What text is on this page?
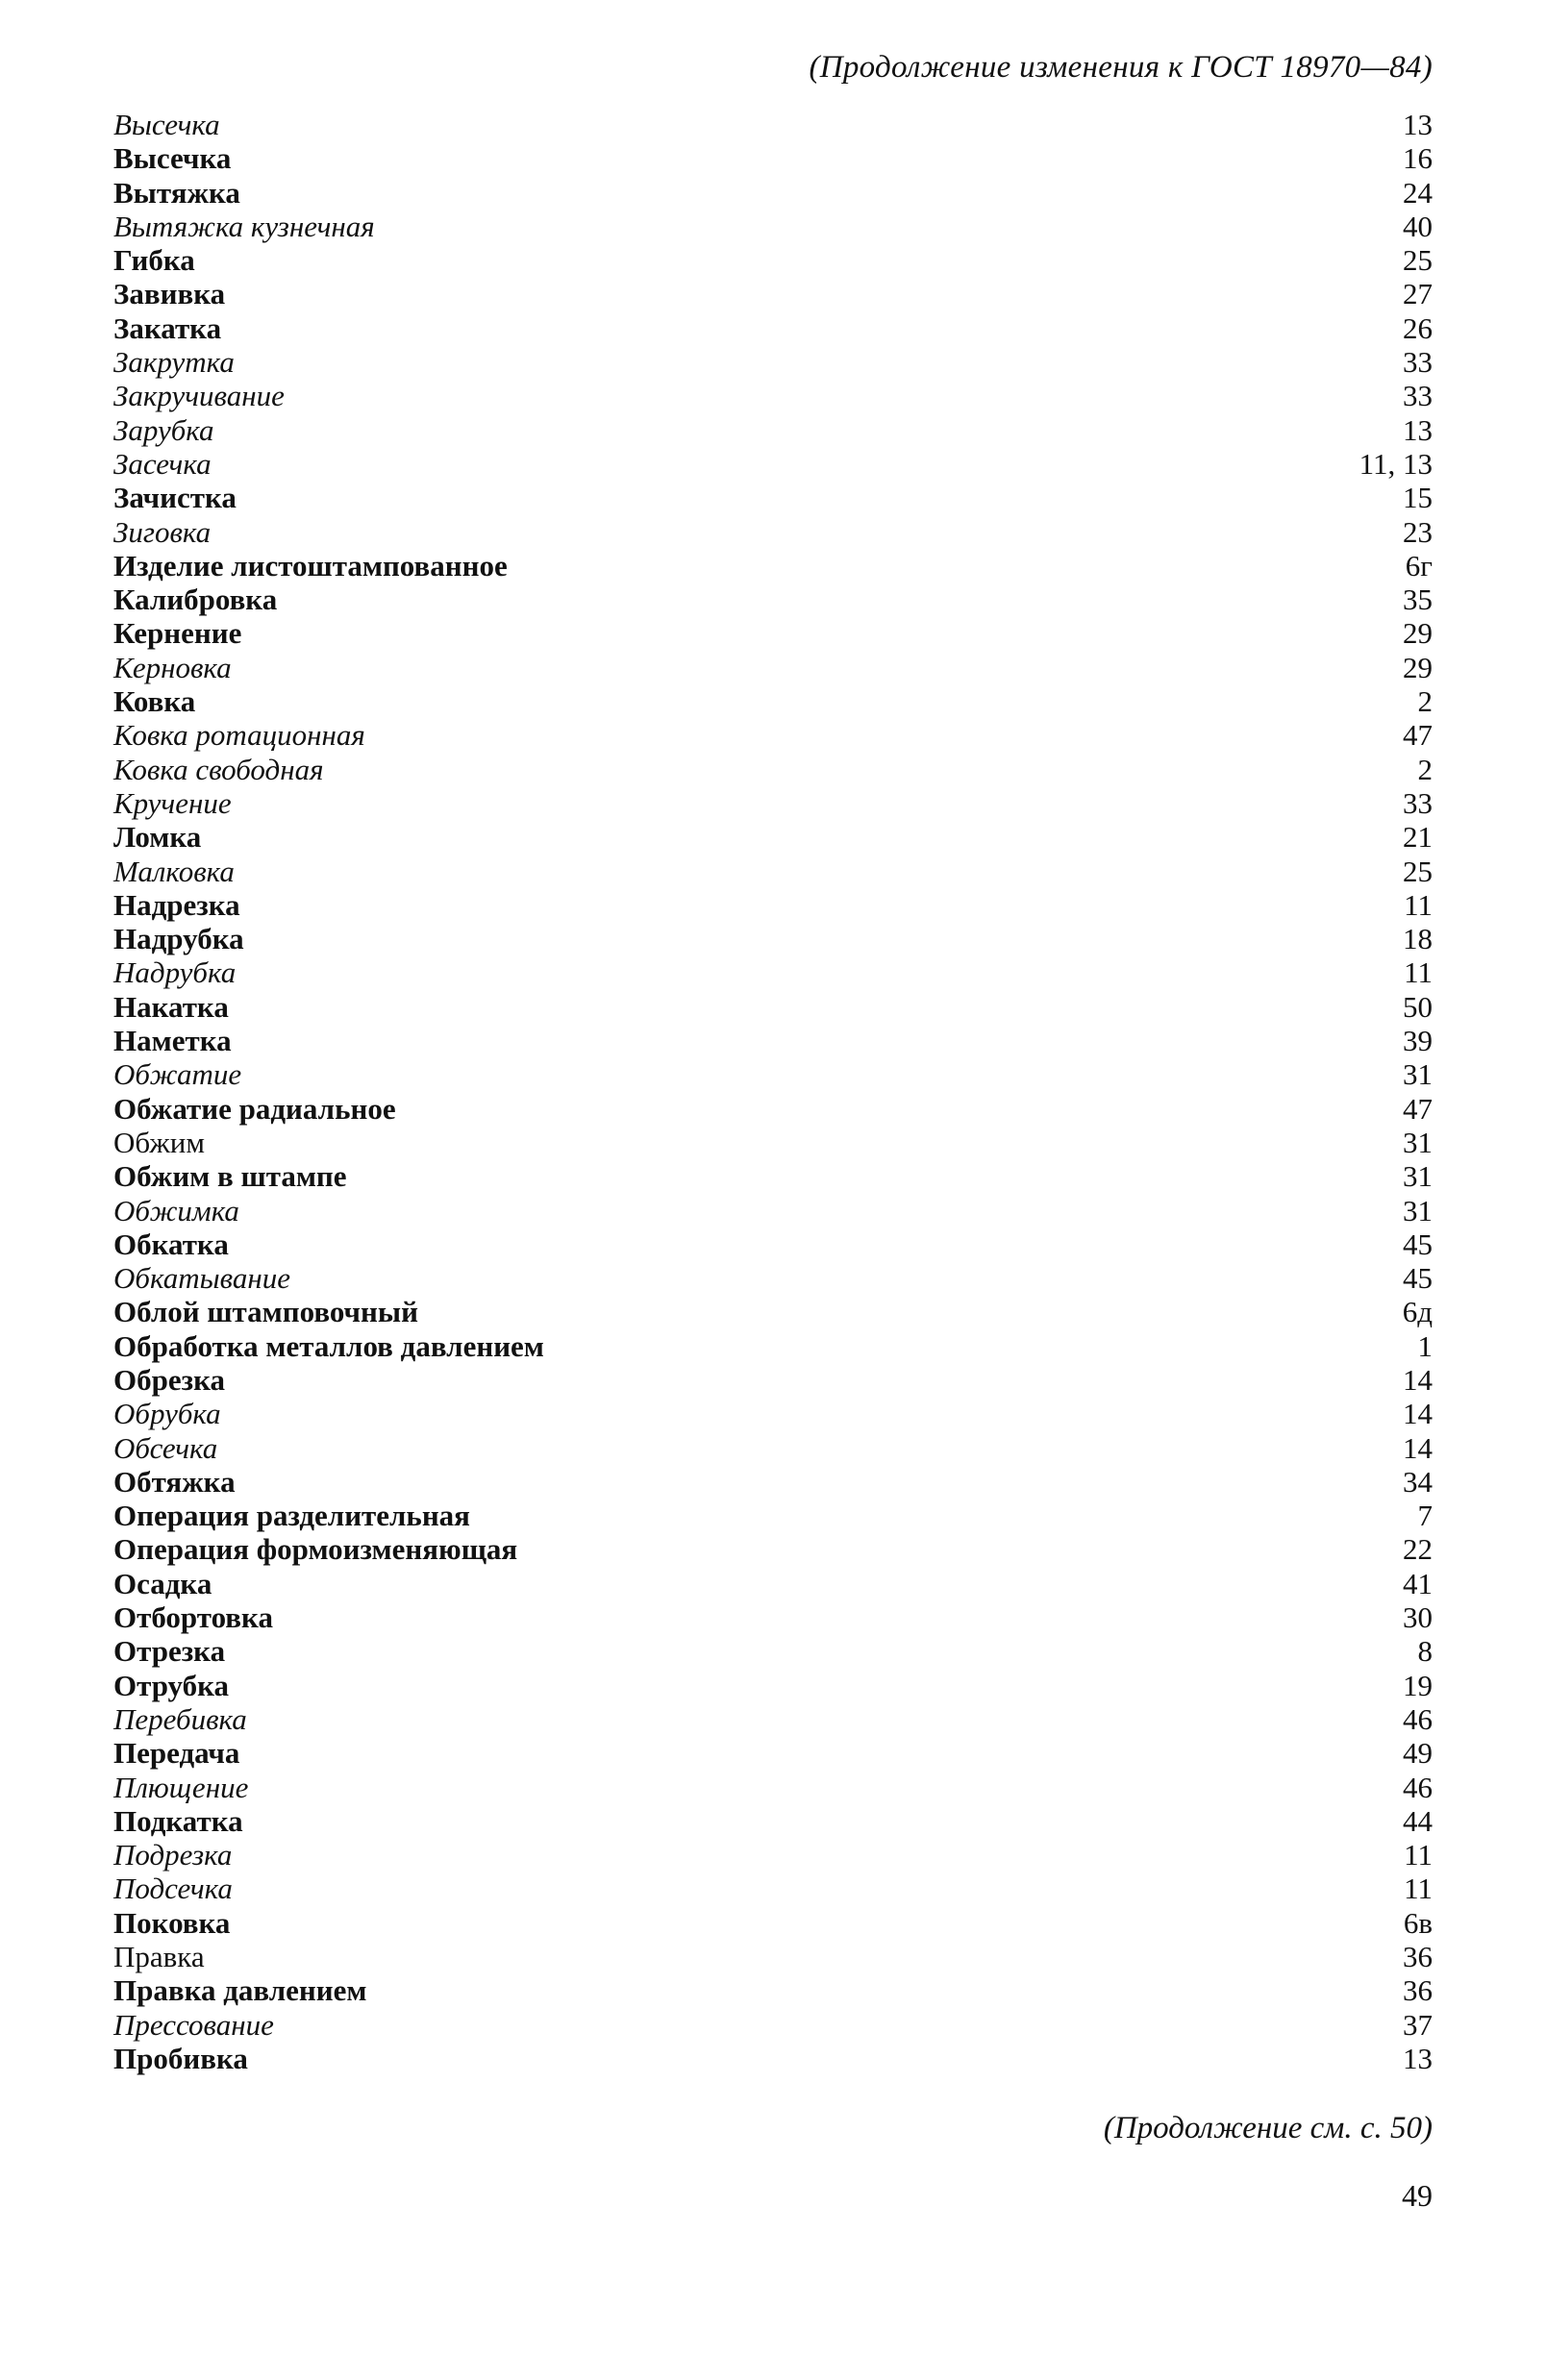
(Продолжение изменения к ГОСТ 18970—84)
Высечка	13
Высечка	16
Вытяжка	24
Вытяжка кузнечная	40
Гибка	25
Завивка	27
Закатка	26
Закрутка	33
Закручивание	33
Зарубка	13
Засечка	11, 13
Зачистка	15
Зиговка	23
Изделие листоштампованное	6г
Калибровка	35
Кернение	29
Керновка	29
Ковка	2
Ковка ротационная	47
Ковка свободная	2
Кручение	33
Ломка	21
Малковка	25
Надрезка	11
Надрубка	18
Надрубка	11
Накатка	50
Наметка	39
Обжатие	31
Обжатие радиальное	47
Обжим	31
Обжим в штампе	31
Обжимка	31
Обкатка	45
Обкатывание	45
Облой штамповочный	6д
Обработка металлов давлением	1
Обрезка	14
Обрубка	14
Обсечка	14
Обтяжка	34
Операция разделительная	7
Операция формоизменяющая	22
Осадка	41
Отбортовка	30
Отрезка	8
Отрубка	19
Перебивка	46
Передача	49
Плющение	46
Подкатка	44
Подрезка	11
Подсечка	11
Поковка	6в
Правка	36
Правка давлением	36
Прессование	37
Пробивка	13
(Продолжение см. с. 50)
49
